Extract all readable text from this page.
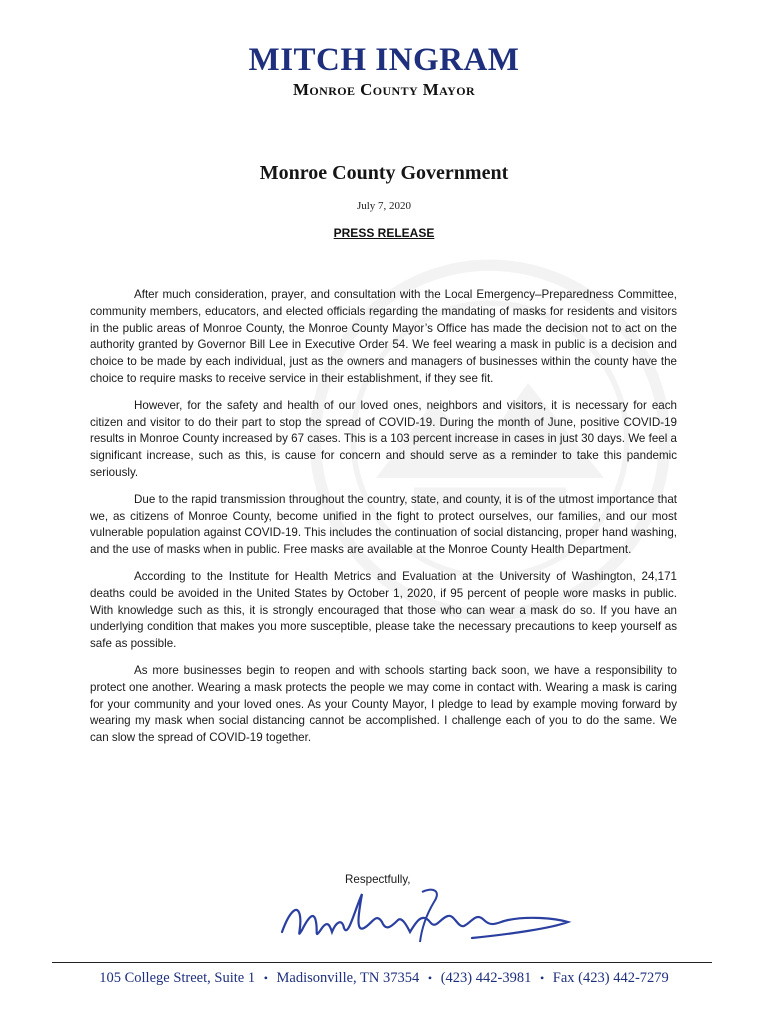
MITCH INGRAM
Monroe County Mayor
Monroe County Government
July 7, 2020
PRESS RELEASE

After much consideration, prayer, and consultation with the Local Emergency–Preparedness Committee, community members, educators, and elected officials regarding the mandating of masks for residents and visitors in the public areas of Monroe County, the Monroe County Mayor’s Office has made the decision not to act on the authority granted by Governor Bill Lee in Executive Order 54. We feel wearing a mask in public is a decision and choice to be made by each individual, just as the owners and managers of businesses within the county have the choice to require masks to receive service in their establishment, if they see fit.

However, for the safety and health of our loved ones, neighbors and visitors, it is necessary for each citizen and visitor to do their part to stop the spread of COVID-19. During the month of June, positive COVID-19 results in Monroe County increased by 67 cases. This is a 103 percent increase in cases in just 30 days. We feel a significant increase, such as this, is cause for concern and should serve as a reminder to take this pandemic seriously.

Due to the rapid transmission throughout the country, state, and county, it is of the utmost importance that we, as citizens of Monroe County, become unified in the fight to protect ourselves, our families, and our most vulnerable population against COVID-19. This includes the continuation of social distancing, proper hand washing, and the use of masks when in public. Free masks are available at the Monroe County Health Department.

According to the Institute for Health Metrics and Evaluation at the University of Washington, 24,171 deaths could be avoided in the United States by October 1, 2020, if 95 percent of people wore masks in public. With knowledge such as this, it is strongly encouraged that those who can wear a mask do so. If you have an underlying condition that makes you more susceptible, please take the necessary precautions to keep yourself as safe as possible.

As more businesses begin to reopen and with schools starting back soon, we have a responsibility to protect one another. Wearing a mask protects the people we may come in contact with. Wearing a mask is caring for your community and your loved ones. As your County Mayor, I pledge to lead by example moving forward by wearing my mask when social distancing cannot be accomplished. I challenge each of you to do the same. We can slow the spread of COVID-19 together.

Respectfully,
105 College Street, Suite 1 • Madisonville, TN 37354 • (423) 442-3981 • Fax (423) 442-7279
